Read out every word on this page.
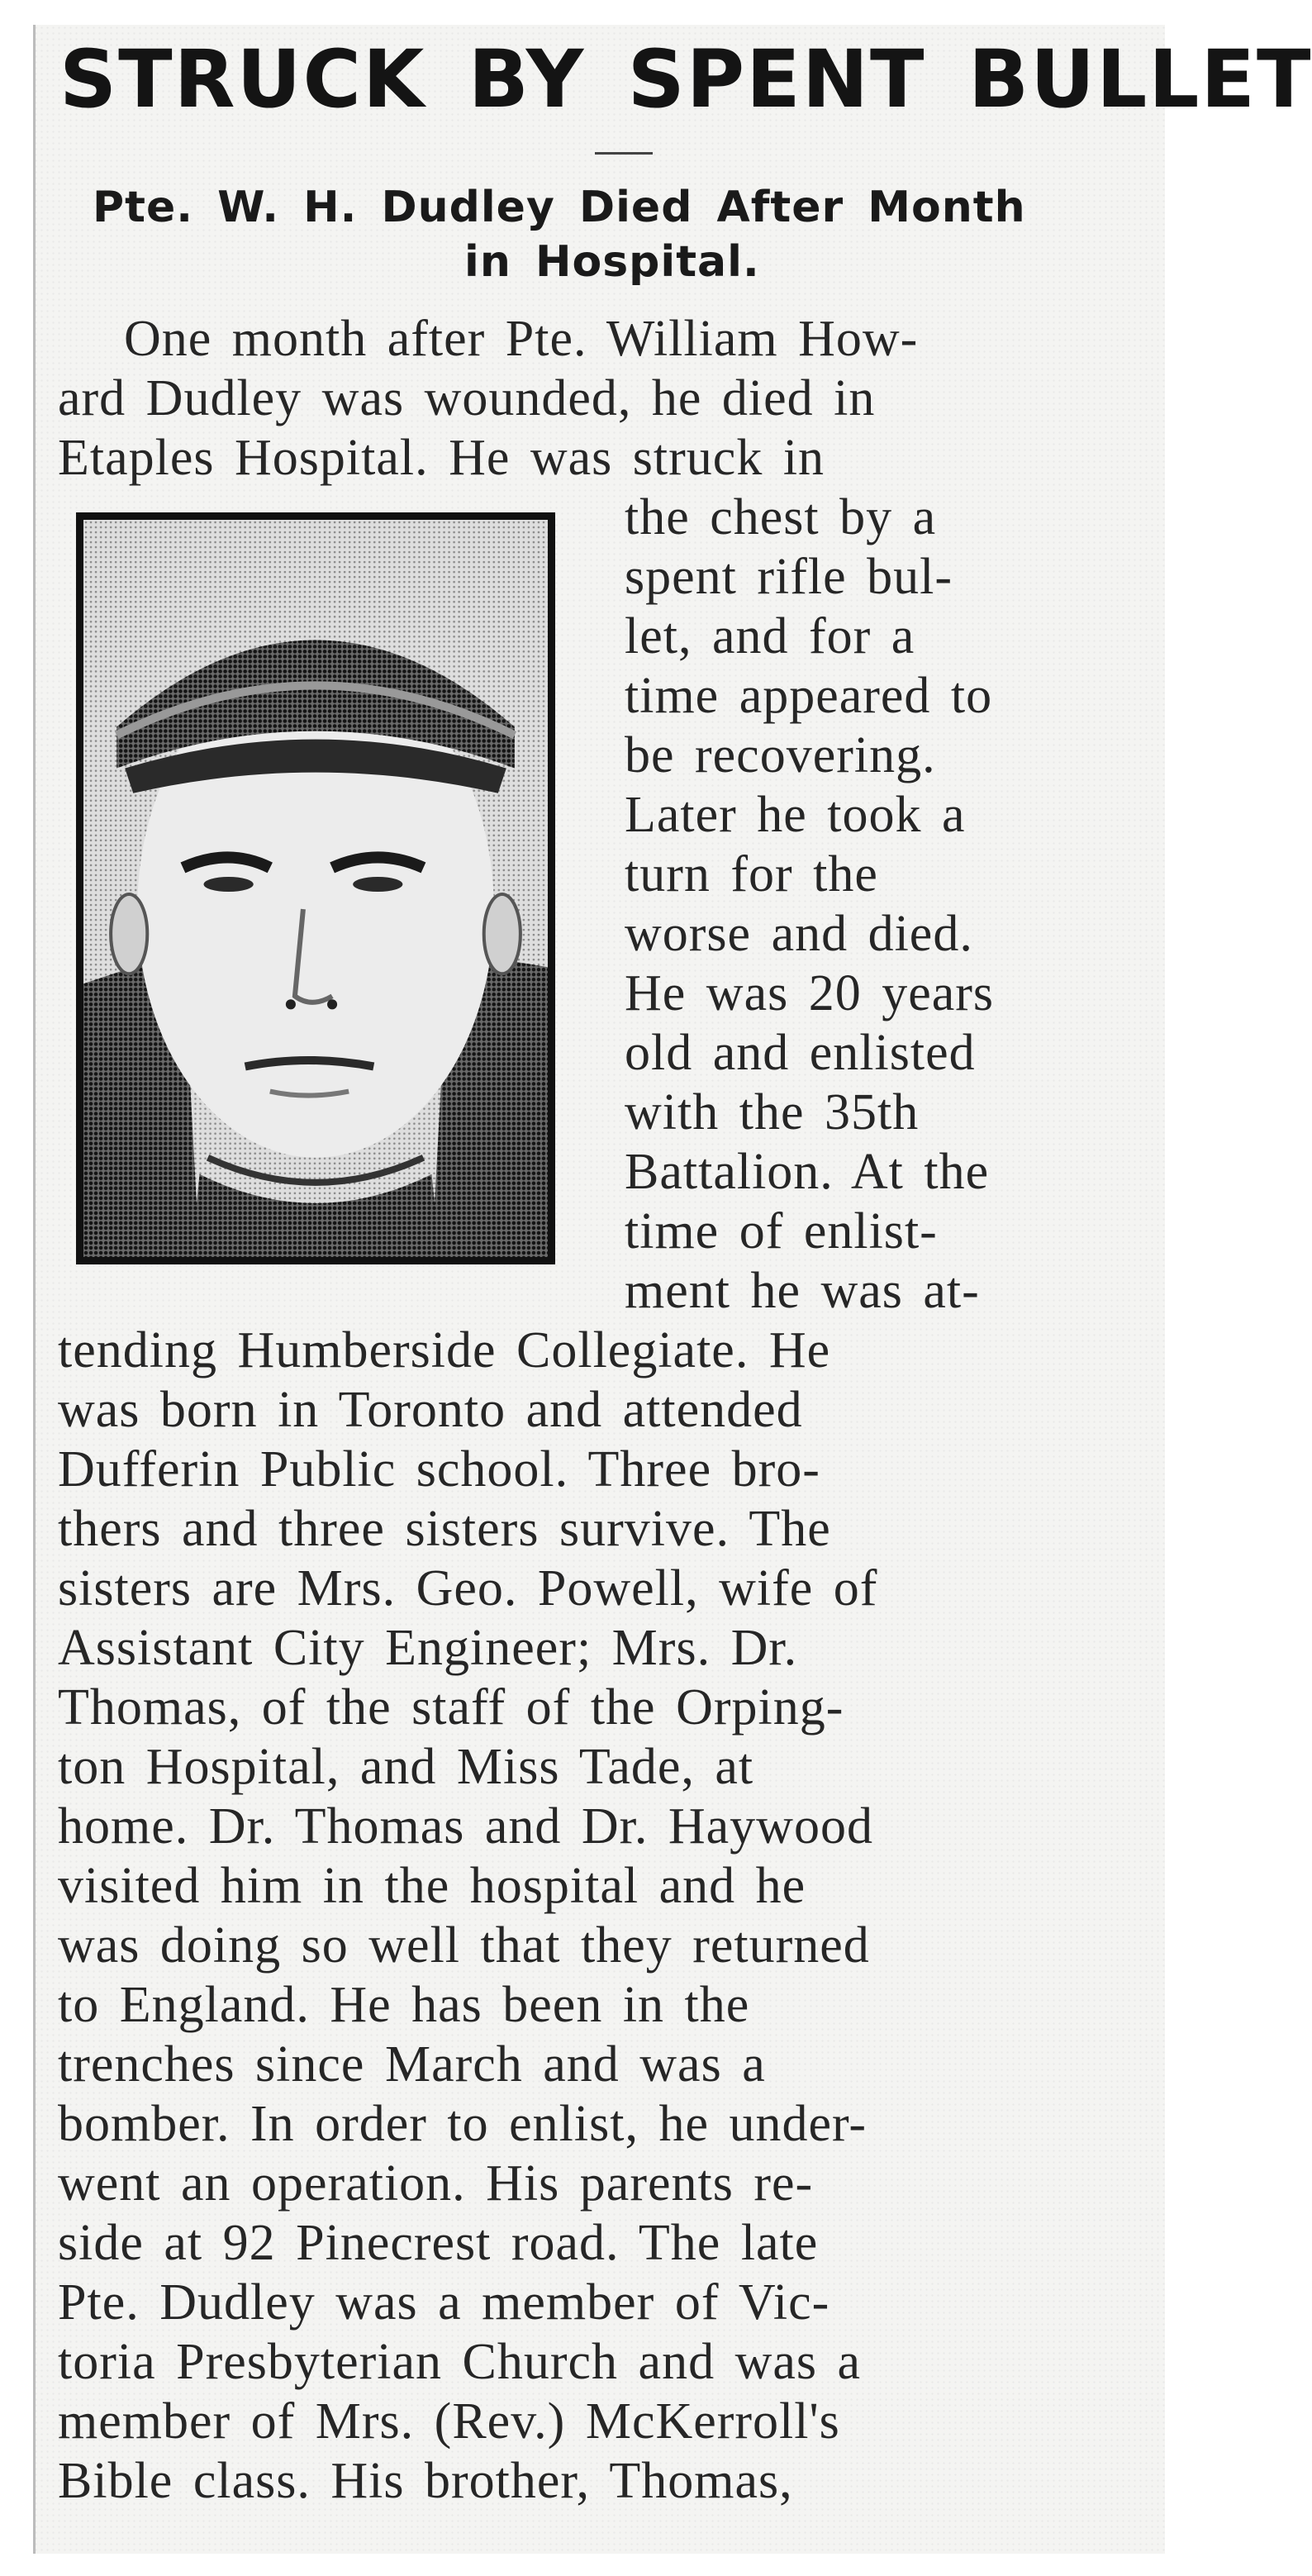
STRUCK BY SPENT BULLET
Pte. W. H. Dudley Died After Month
in Hospital.
One month after Pte. William How-
ard Dudley was wounded, he died in
Etaples Hospital. He was struck in
the chest by a
spent rifle bul-
let, and for a
time appeared to
be recovering.
Later he took a
turn for the
worse and died.
He was 20 years
old and enlisted
with the 35th
Battalion. At the
time of enlist-
ment he was at-
tending Humberside Collegiate. He
was born in Toronto and attended
Dufferin Public school. Three bro-
thers and three sisters survive. The
sisters are Mrs. Geo. Powell, wife of
Assistant City Engineer; Mrs. Dr.
Thomas, of the staff of the Orping-
ton Hospital, and Miss Tade, at
home. Dr. Thomas and Dr. Haywood
visited him in the hospital and he
was doing so well that they returned
to England. He has been in the
trenches since March and was a
bomber. In order to enlist, he under-
went an operation. His parents re-
side at 92 Pinecrest road. The late
Pte. Dudley was a member of Vic-
toria Presbyterian Church and was a
member of Mrs. (Rev.) McKerroll's
Bible class. His brother, Thomas,
